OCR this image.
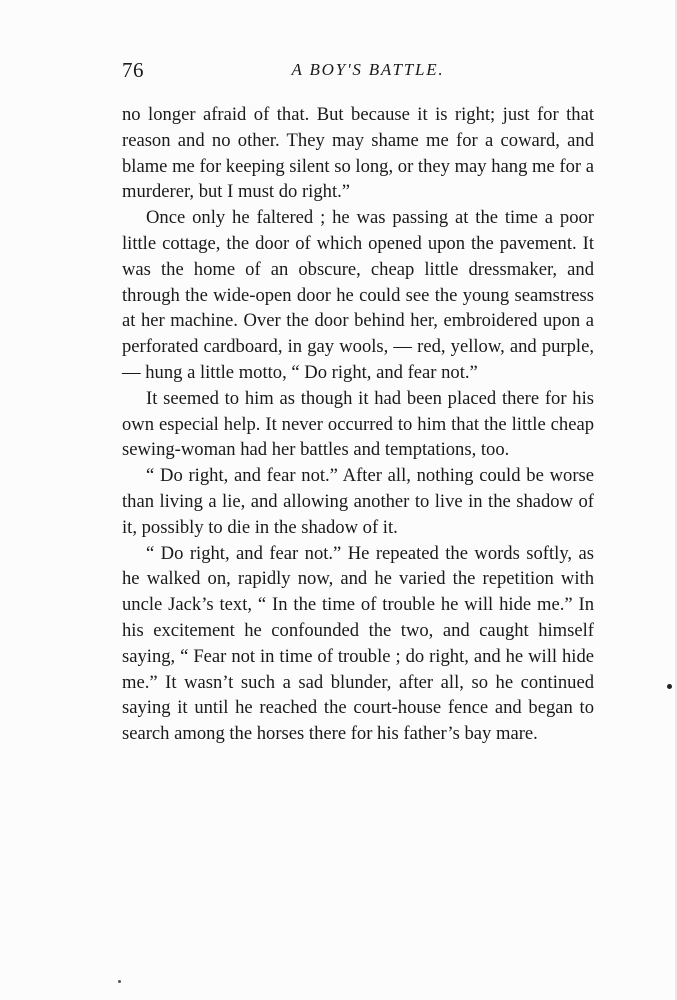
76	A BOY'S BATTLE.

no longer afraid of that. But because it is right; just for that reason and no other. They may shame me for a coward, and blame me for keeping silent so long, or they may hang me for a murderer, but I must do right.”

Once only he faltered ; he was passing at the time a poor little cottage, the door of which opened upon the pavement. It was the home of an obscure, cheap little dressmaker, and through the wide-open door he could see the young seamstress at her machine. Over the door behind her, embroidered upon a perforated cardboard, in gay wools, — red, yellow, and purple, — hung a little motto, “ Do right, and fear not.”

It seemed to him as though it had been placed there for his own especial help. It never occurred to him that the little cheap sewing-woman had her battles and temptations, too.

“ Do right, and fear not.” After all, nothing could be worse than living a lie, and allowing another to live in the shadow of it, possibly to die in the shadow of it.

“ Do right, and fear not.” He repeated the words softly, as he walked on, rapidly now, and he varied the repetition with uncle Jack’s text, “ In the time of trouble he will hide me.” In his excitement he confounded the two, and caught himself saying, “ Fear not in time of trouble ; do right, and he will hide me.” It wasn’t such a sad blunder, after all, so he continued saying it until he reached the court-house fence and began to search among the horses there for his father’s bay mare.
